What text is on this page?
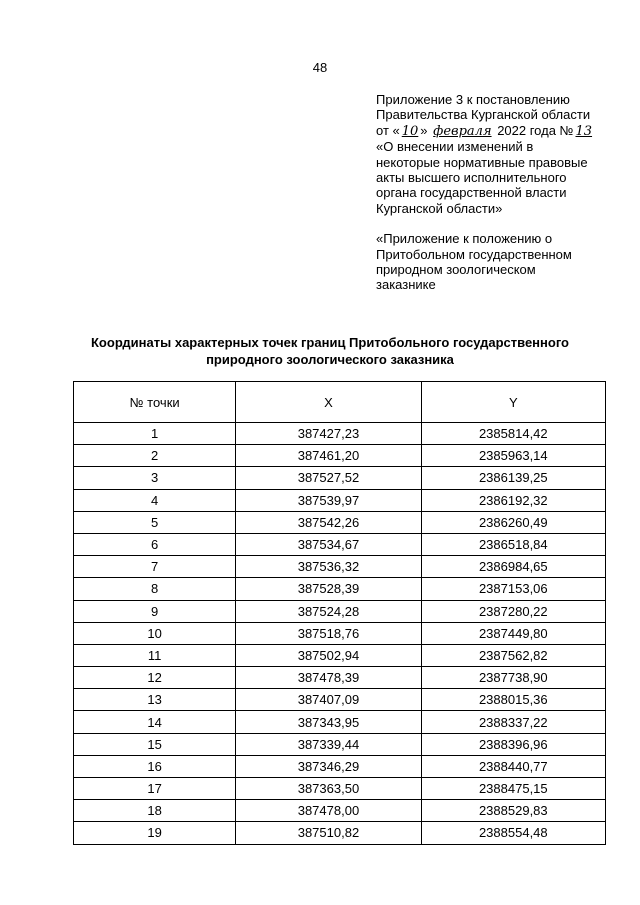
48
Приложение 3 к постановлению
Правительства Курганской области
от « 10 » февраля 2022 года № 13
«О внесении изменений в
некоторые нормативные правовые
акты высшего исполнительного
органа государственной власти
Курганской области»
«Приложение к положению о
Притобольном государственном
природном зоологическом
заказнике
Координаты характерных точек границ Притобольного государственного
природного зоологического заказника
№ точки	X	Y
1	387427,23	2385814,42
2	387461,20	2385963,14
3	387527,52	2386139,25
4	387539,97	2386192,32
5	387542,26	2386260,49
6	387534,67	2386518,84
7	387536,32	2386984,65
8	387528,39	2387153,06
9	387524,28	2387280,22
10	387518,76	2387449,80
11	387502,94	2387562,82
12	387478,39	2387738,90
13	387407,09	2388015,36
14	387343,95	2388337,22
15	387339,44	2388396,96
16	387346,29	2388440,77
17	387363,50	2388475,15
18	387478,00	2388529,83
19	387510,82	2388554,48
